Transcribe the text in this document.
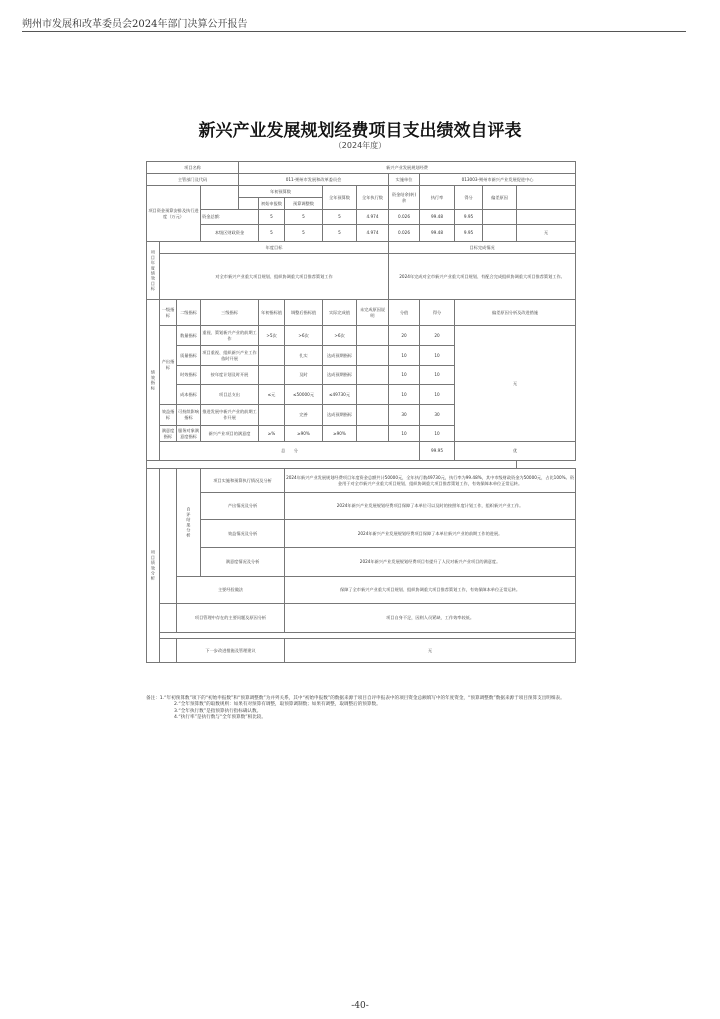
朔州市发展和改革委员会2024年部门决算公开报告
新兴产业发展规划经费项目支出绩效自评表
（2024年度）
项目名称				新兴产业发展规划经费									
主管部门及代码				011-朔州市发展和改革委员会					实施单位	013003-朔州市新兴产业发展促进中心			
项目资金预算安排及执行进度（万元）				年初预算数			全年预算数	全年执行数	资金结余(转)余	执行率	得分	偏差原因	
					初始申报数	预算调整数							
			资金总额：		5	5	5	4.974	0.026	99.48	9.95		
			本级区财政资金		5	5	5	4.974	0.026	99.48	9.95		无
项目年度绩效目标	年度目标								目标完成情况				
	对全市新兴产业重大项目规划、组织协调重大项目推荐策划工作								2024年完成对全市新兴产业重大项目规划、有配合完成组织协调重大项目推荐策划工作。				
绩效指标	一级指标	二级指标	三级指标		年初指标值	调整后指标值	实际完成值	未完成原因说明	分值	得分	偏差原因分析及改进措施		
	产出指标	数量指标	重视、策划新兴产业的前期工作		>5次	>6次	>6次		20	20	无		
		质量指标	项目重视、组织新兴产业工作依时开展			扎实	达成预期指标		10	10			
		时效指标	按年度计划及时开展			及时	达成预期指标		10	10			
		成本指标	项目总支出		≤元	≤50000元	≤49730元		10	10			
	效益指标	可持续影响指标	推进发展中新兴产业的前期工作开展			完善	达成预期指标		30	30			
	满意度指标	服务对象满意度指标	新兴产业项目的满意度		≥%	≥90%	≥90%		10	10			
	总　　分									99.95	优		

项目绩效分析		自评结果分析	项目实施和预算执行情况及分析			2024年新兴产业发展规划经费项目年度资金总额共计50000元，全年执行数49730元，执行率为99.48%，其中市级财政资金为50000元，占比100%。资金用于对全市新兴产业重大项目规划、组织协调重大项目推荐策划工作，有效保障本单位正常运转。							
			产出情况及分析			2024年新兴产业发展规划经费项目保障了本单位可以及时的按照年度计划工作，组织新兴产业工作。							
			效益情况及分析			2024年新兴产业发展规划经费项目保障了本单位新兴产业的前期工作的进展。							
			满意度情况及分析			2024年新兴产业发展规划经费项目有提升了人民对新兴产业项目的满意度。							
		主要经验做法				保障了全市新兴产业重大项目规划、组织协调重大项目推荐策划工作，有效保障本单位正常运转。							
		项目管理中存在的主要问题及原因分析				项目自身不足，因则人员紧缺、工作效率较低。							

		下一步改进措施及管理建议				无							

备注：1.“年初预算数”项下的“初始申报数”和“预算调整数”为并列关系，其中“初始申报数”的数据来源于项目自评申报表中的项目资金总额填写中的年度资金，“预算调整数”数据来源于项目预算支出明细表。

2.“全年预算数”的取数规则：如果有对预算有调整，取预算调制数；如果有调整，取调整后的预算数。

3.“全年执行数”是指预算执行指标确认数。

4.“执行率”是执行数与“全年预算数”相比较。

-40-
